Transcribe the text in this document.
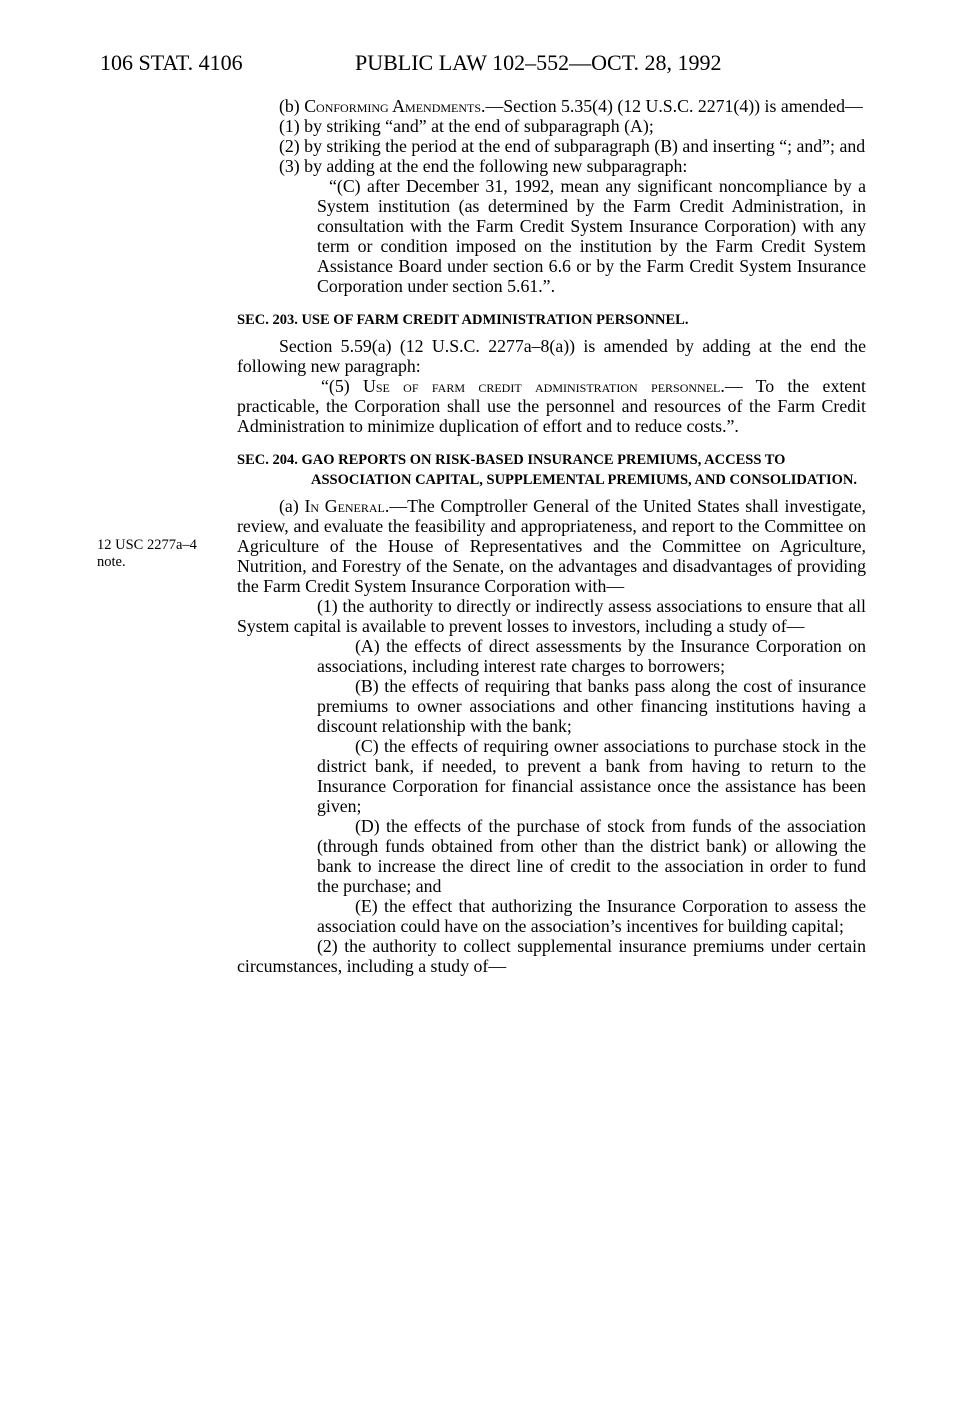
106 STAT. 4106	PUBLIC LAW 102–552—OCT. 28, 1992
12 USC 2277a–4
note.

(b) Conforming Amendments.—Section 5.35(4) (12 U.S.C. 2271(4)) is amended—

(1) by striking “and” at the end of subparagraph (A);

(2) by striking the period at the end of subparagraph (B) and inserting “; and”; and

(3) by adding at the end the following new subparagraph:

“(C) after December 31, 1992, mean any significant noncompliance by a System institution (as determined by the Farm Credit Administration, in consultation with the Farm Credit System Insurance Corporation) with any term or condition imposed on the institution by the Farm Credit System Assistance Board under section 6.6 or by the Farm Credit System Insurance Corporation under section 5.61.”.

SEC. 203. USE OF FARM CREDIT ADMINISTRATION PERSONNEL.

Section 5.59(a) (12 U.S.C. 2277a–8(a)) is amended by adding at the end the following new paragraph:

“(5) Use of farm credit administration personnel.— To the extent practicable, the Corporation shall use the personnel and resources of the Farm Credit Administration to minimize duplication of effort and to reduce costs.”.

SEC. 204. GAO REPORTS ON RISK-BASED INSURANCE PREMIUMS, ACCESS TO ASSOCIATION CAPITAL, SUPPLEMENTAL PREMIUMS, AND CONSOLIDATION.

(a) In General.—The Comptroller General of the United States shall investigate, review, and evaluate the feasibility and appropriateness, and report to the Committee on Agriculture of the House of Representatives and the Committee on Agriculture, Nutrition, and Forestry of the Senate, on the advantages and disadvantages of providing the Farm Credit System Insurance Corporation with—

(1) the authority to directly or indirectly assess associations to ensure that all System capital is available to prevent losses to investors, including a study of—

(A) the effects of direct assessments by the Insurance Corporation on associations, including interest rate charges to borrowers;

(B) the effects of requiring that banks pass along the cost of insurance premiums to owner associations and other financing institutions having a discount relationship with the bank;

(C) the effects of requiring owner associations to purchase stock in the district bank, if needed, to prevent a bank from having to return to the Insurance Corporation for financial assistance once the assistance has been given;

(D) the effects of the purchase of stock from funds of the association (through funds obtained from other than the district bank) or allowing the bank to increase the direct line of credit to the association in order to fund the purchase; and

(E) the effect that authorizing the Insurance Corporation to assess the association could have on the association’s incentives for building capital;

(2) the authority to collect supplemental insurance premiums under certain circumstances, including a study of—
